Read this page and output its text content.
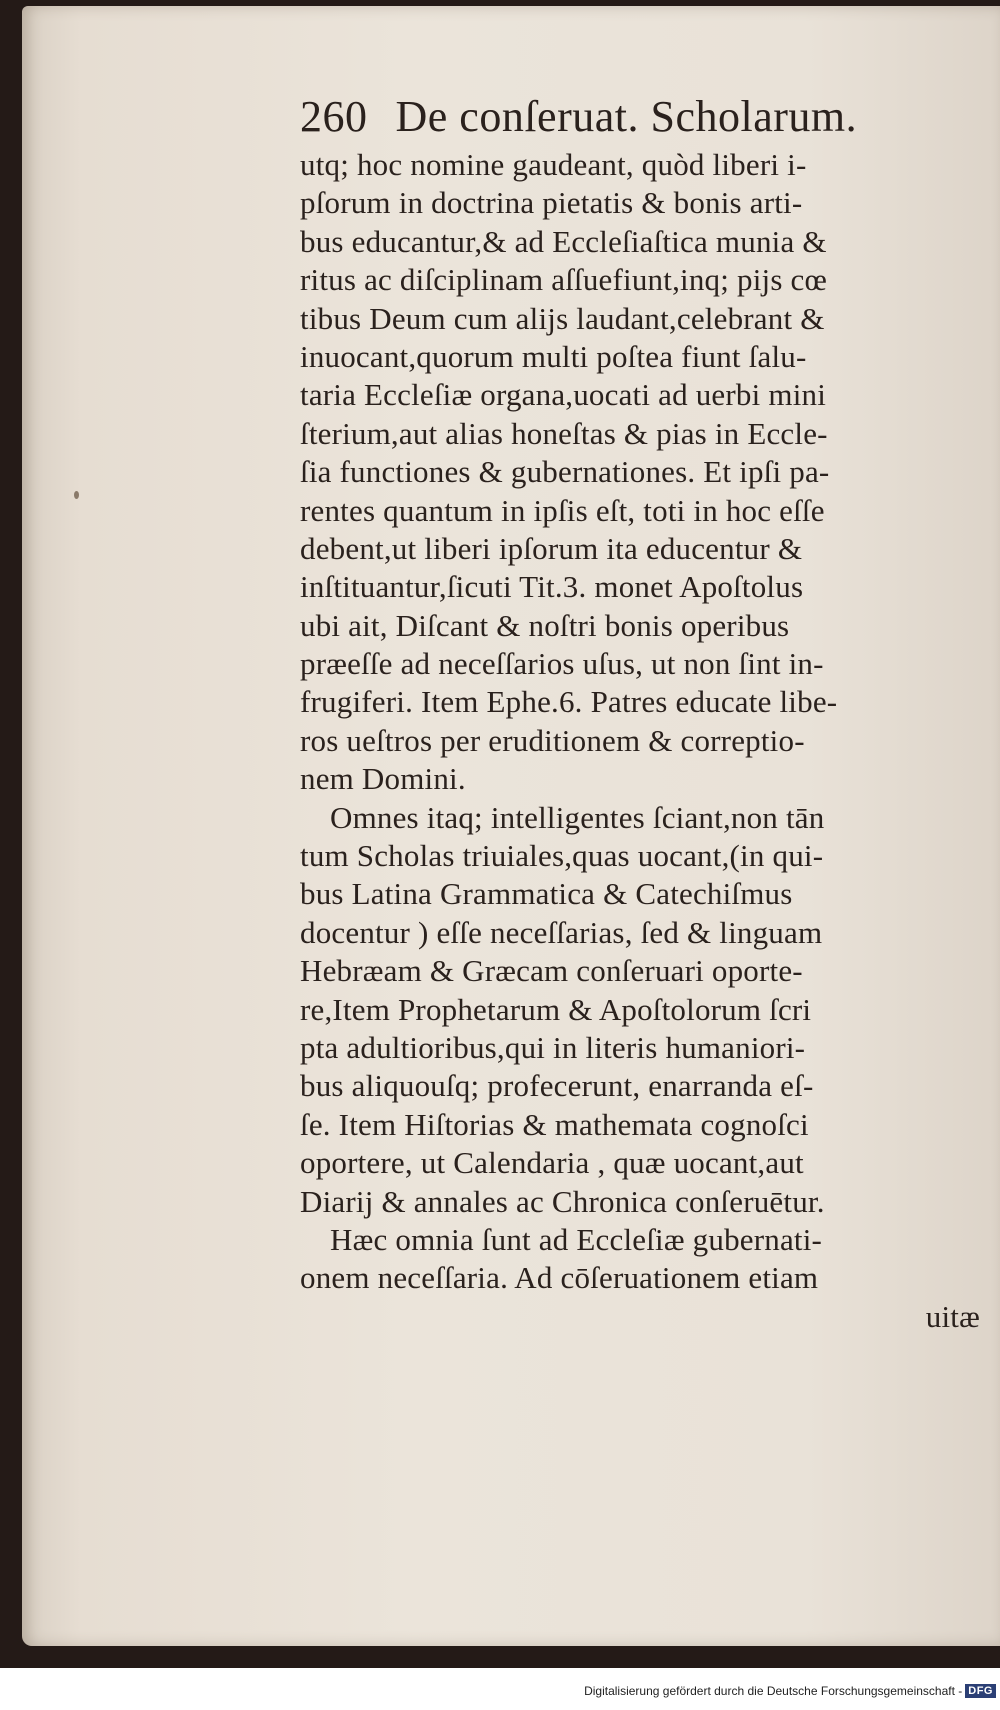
260 De conſeruat. Scholarum.
utq; hoc nomine gaudeant, quòd liberi i-
pſorum in doctrina pietatis & bonis arti-
bus educantur,& ad Eccleſiaſtica munia &
ritus ac diſciplinam aſſuefiunt,inq; pijs cœ
tibus Deum cum alijs laudant,celebrant &
inuocant,quorum multi poſtea fiunt ſalu-
taria Eccleſiæ organa,uocati ad uerbi mini
ſterium,aut alias honeſtas & pias in Eccle-
ſia functiones & gubernationes. Et ipſi pa-
rentes quantum in ipſis eſt, toti in hoc eſſe
debent,ut liberi ipſorum ita educentur &
inſtituantur,ſicuti Tit.3. monet Apoſtolus
ubi ait, Diſcant & noſtri bonis operibus
præeſſe ad neceſſarios uſus, ut non ſint in-
frugiferi. Item Ephe.6. Patres educate libe-
ros ueſtros per eruditionem & correptio-
nem Domini.
Omnes itaq; intelligentes ſciant,non tān
tum Scholas triuiales,quas uocant,(in qui-
bus Latina Grammatica & Catechiſmus
docentur ) eſſe neceſſarias, ſed & linguam
Hebræam & Græcam conſeruari oporte-
re,Item Prophetarum & Apoſtolorum ſcri
pta adultioribus,qui in literis humaniori-
bus aliquouſq; profecerunt, enarranda eſ-
ſe. Item Hiſtorias & mathemata cognoſci
oportere, ut Calendaria , quæ uocant,aut
Diarij & annales ac Chronica conſeruētur.
Hæc omnia ſunt ad Eccleſiæ gubernati-
onem neceſſaria. Ad cōſeruationem etiam
uitæ
Digitalisierung gefördert durch die Deutsche Forschungsgemeinschaft - DFG
